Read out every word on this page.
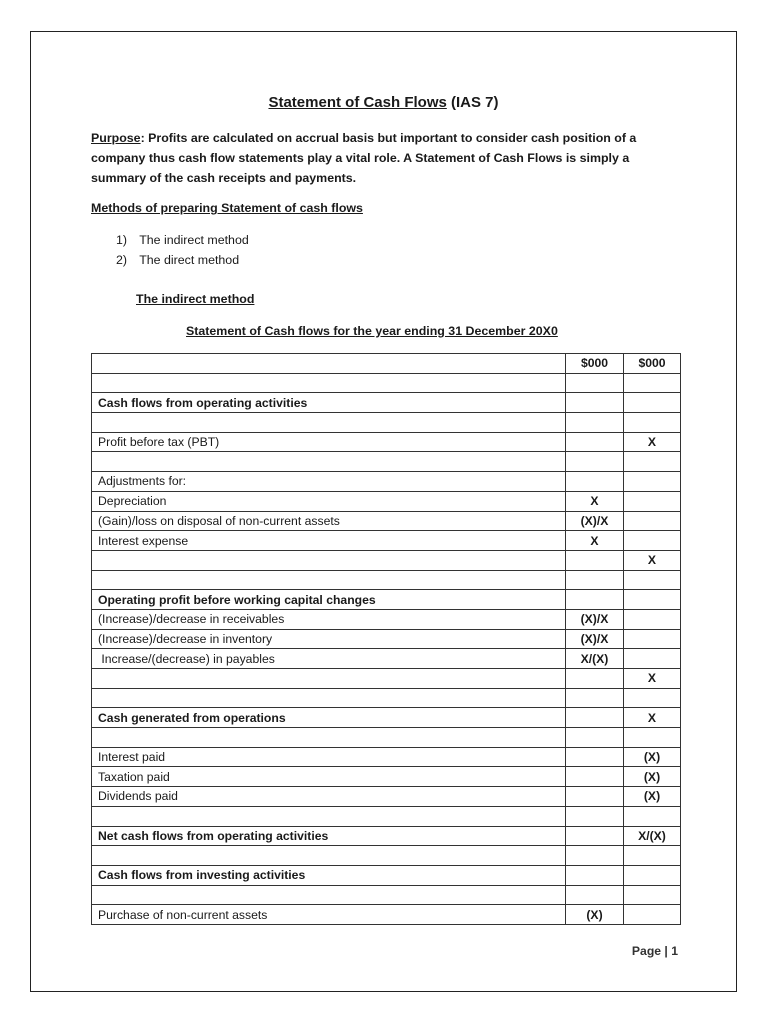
Statement of Cash Flows (IAS 7)
Purpose: Profits are calculated on accrual basis but important to consider cash position of a company thus cash flow statements play a vital role. A Statement of Cash Flows is simply a summary of the cash receipts and payments.
Methods of preparing Statement of cash flows
1) The indirect method
2) The direct method
The indirect method
Statement of Cash flows for the year ending 31 December 20X0
	$000	$000

Cash flows from operating activities		

Profit before tax (PBT)		X

Adjustments for:		
Depreciation	X	
(Gain)/loss on disposal of non-current assets	(X)/X	
Interest expense	X	
		X

Operating profit before working capital changes		
(Increase)/decrease in receivables	(X)/X	
(Increase)/decrease in inventory	(X)/X	
Increase/(decrease) in payables	X/(X)	
		X

Cash generated from operations		X

Interest paid		(X)
Taxation paid		(X)
Dividends paid		(X)

Net cash flows from operating activities		X/(X)

Cash flows from investing activities		

Purchase of non-current assets	(X)	
Page | 1
